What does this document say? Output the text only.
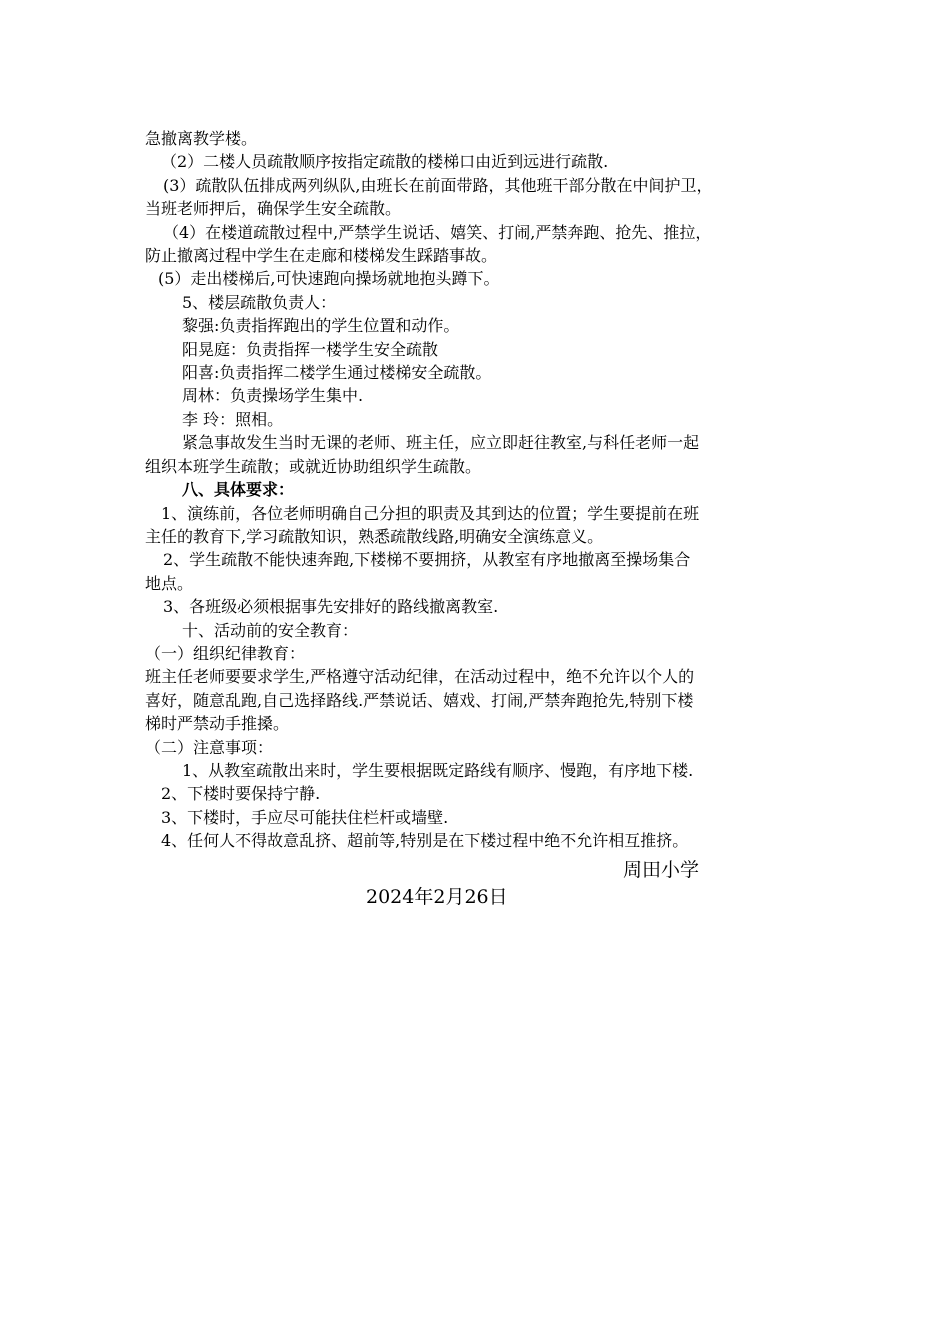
急撤离教学楼。
（2）二楼人员疏散顺序按指定疏散的楼梯口由近到远进行疏散.
(3）疏散队伍排成两列纵队,由班长在前面带路，其他班干部分散在中间护卫，
当班老师押后，确保学生安全疏散。
（4）在楼道疏散过程中,严禁学生说话、嬉笑、打闹,严禁奔跑、抢先、推拉，
防止撤离过程中学生在走廊和楼梯发生踩踏事故。
(5）走出楼梯后,可快速跑向操场就地抱头蹲下。
5、楼层疏散负责人：
黎强:负责指挥跑出的学生位置和动作。
阳晃庭：负责指挥一楼学生安全疏散
阳喜:负责指挥二楼学生通过楼梯安全疏散。
周林：负责操场学生集中.
李 玲：照相。
紧急事故发生当时无课的老师、班主任，应立即赶往教室,与科任老师一起
组织本班学生疏散；或就近协助组织学生疏散。
八、具体要求：
1、演练前，各位老师明确自己分担的职责及其到达的位置；学生要提前在班
主任的教育下,学习疏散知识，熟悉疏散线路,明确安全演练意义。
2、学生疏散不能快速奔跑,下楼梯不要拥挤，从教室有序地撤离至操场集合
地点。
3、各班级必须根据事先安排好的路线撤离教室.
十、活动前的安全教育：
（一）组织纪律教育：
班主任老师要要求学生,严格遵守活动纪律，在活动过程中，绝不允许以个人的
喜好，随意乱跑,自己选择路线.严禁说话、嬉戏、打闹,严禁奔跑抢先,特别下楼
梯时严禁动手推搡。
（二）注意事项：
1、从教室疏散出来时，学生要根据既定路线有顺序、慢跑，有序地下楼.
2、下楼时要保持宁静.
3、下楼时，手应尽可能扶住栏杆或墙壁.
4、任何人不得故意乱挤、超前等,特别是在下楼过程中绝不允许相互推挤。
周田小学
2024年2月26日
